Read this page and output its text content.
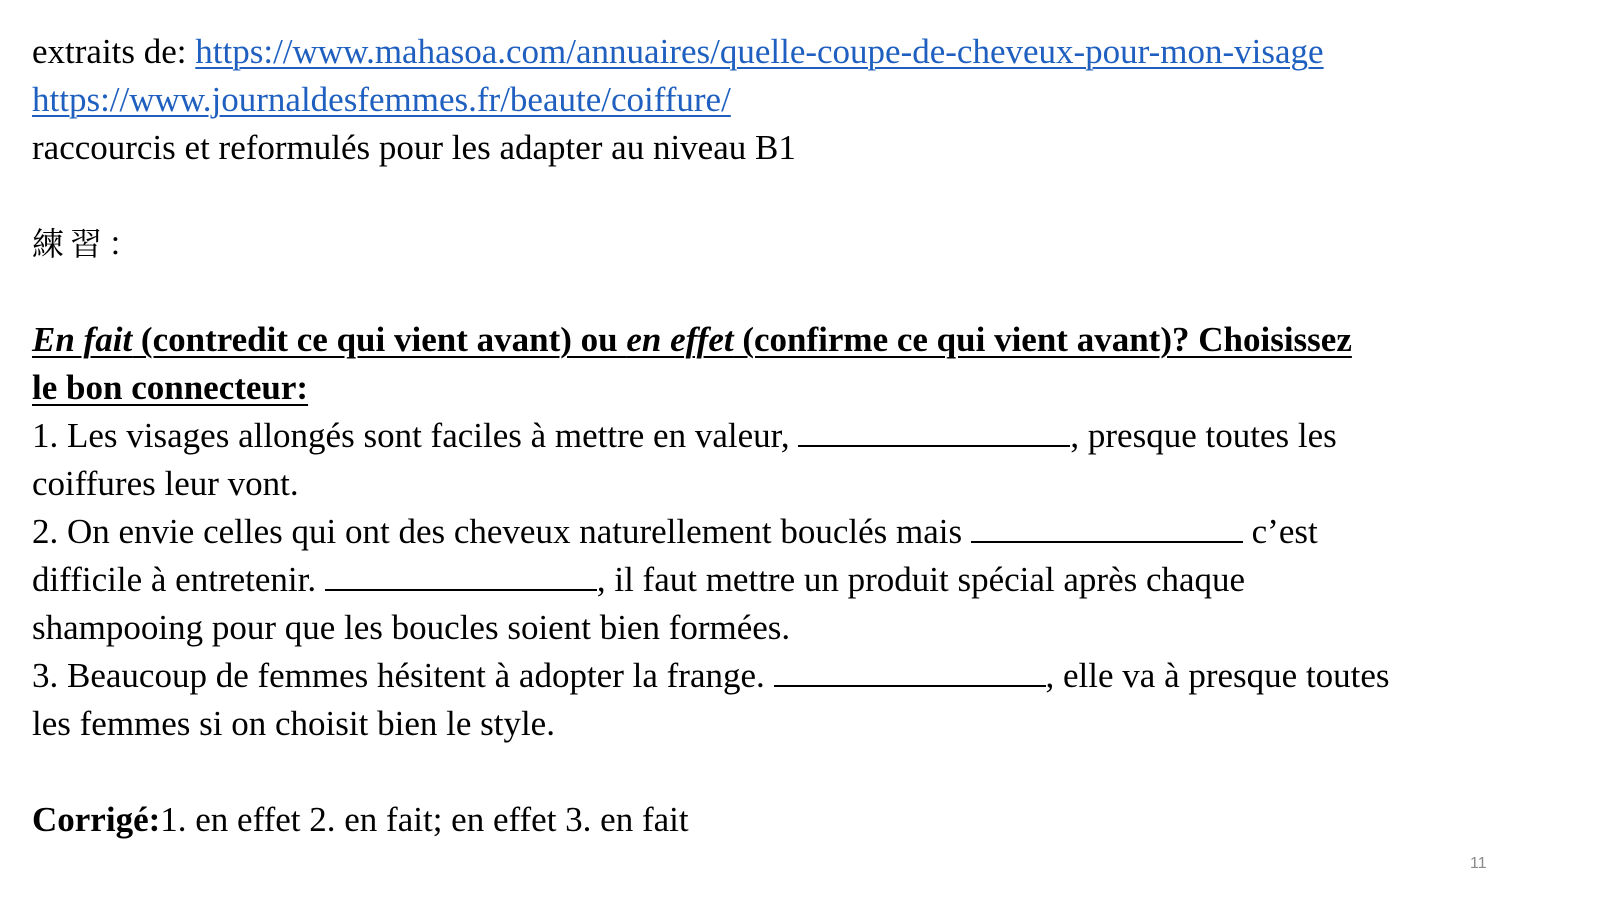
extraits de: https://www.mahasoa.com/annuaires/quelle-coupe-de-cheveux-pour-mon-visage
https://www.journaldesfemmes.fr/beaute/coiffure/
raccourcis et reformulés pour les adapter au niveau B1
練習：
En fait (contredit ce qui vient avant) ou en effet (confirme ce qui vient avant)? Choisissez
le bon connecteur:
1. Les visages allongés sont faciles à mettre en valeur,	, presque toutes les
coiffures leur vont.
2. On envie celles qui ont des cheveux naturellement bouclés mais	c’est
difficile à entretenir.	, il faut mettre un produit spécial après chaque
shampooing pour que les boucles soient bien formées.
3. Beaucoup de femmes hésitent à adopter la frange.	, elle va à presque toutes
les femmes si on choisit bien le style.
Corrigé:1. en effet 2. en fait; en effet 3. en fait
11
